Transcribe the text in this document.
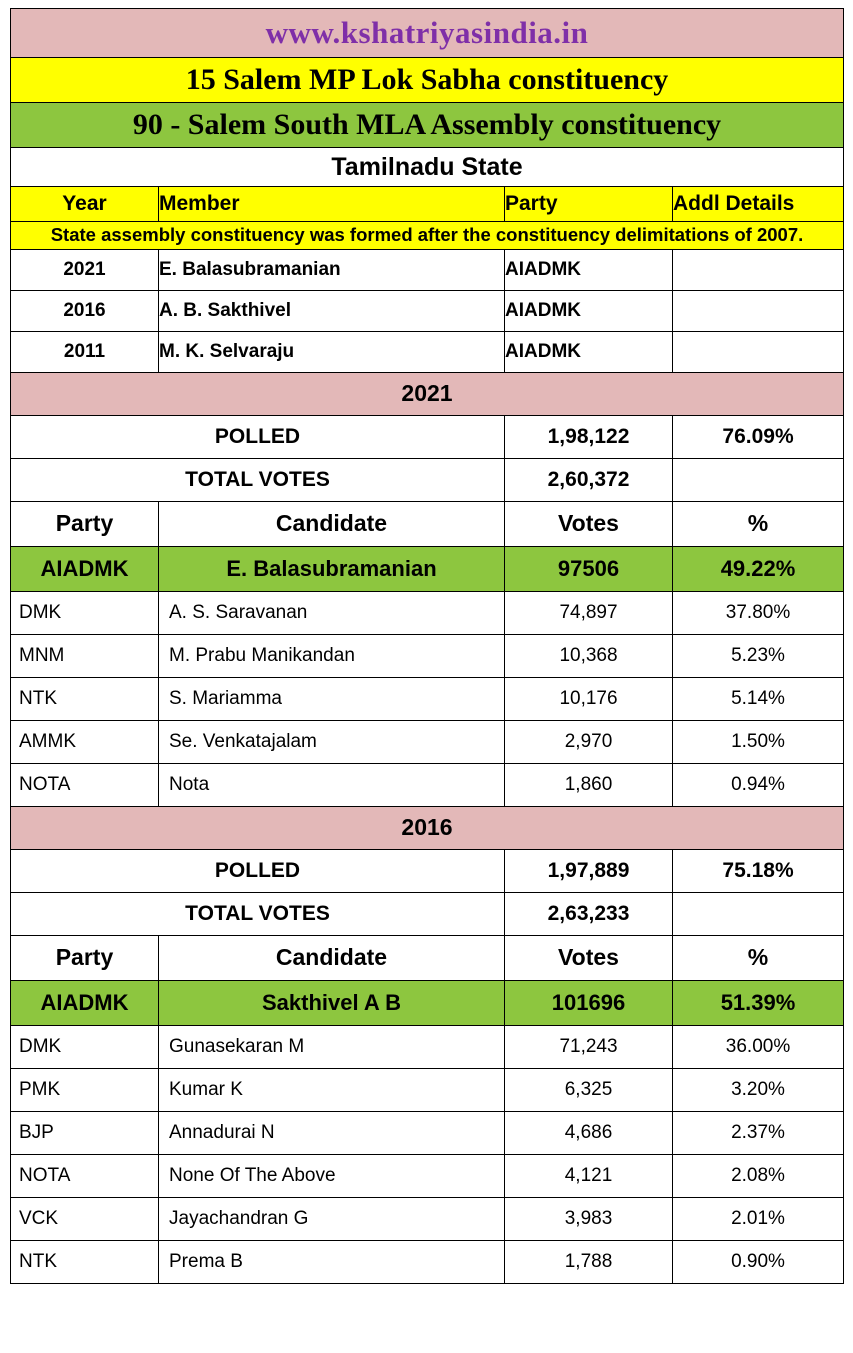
www.kshatriyasindia.in			
15 Salem MP Lok Sabha constituency			
90 - Salem South MLA Assembly constituency			
Tamilnadu State			
Year	Member	Party	Addl Details
State assembly constituency was formed after the constituency delimitations of 2007.			
2021	E. Balasubramanian	AIADMK	
2016	A. B. Sakthivel	AIADMK	
2011	M. K. Selvaraju	AIADMK	
2021			
POLLED		1,98,122	76.09%
TOTAL VOTES		2,60,372	
Party	Candidate	Votes	%
AIADMK	E. Balasubramanian	97506	49.22%
DMK	A. S. Saravanan	74,897	37.80%
MNM	M. Prabu Manikandan	10,368	5.23%
NTK	S. Mariamma	10,176	5.14%
AMMK	Se. Venkatajalam	2,970	1.50%
NOTA	Nota	1,860	0.94%
2016			
POLLED		1,97,889	75.18%
TOTAL VOTES		2,63,233	
Party	Candidate	Votes	%
AIADMK	Sakthivel A B	101696	51.39%
DMK	Gunasekaran M	71,243	36.00%
PMK	Kumar K	6,325	3.20%
BJP	Annadurai N	4,686	2.37%
NOTA	None Of The Above	4,121	2.08%
VCK	Jayachandran G	3,983	2.01%
NTK	Prema B	1,788	0.90%
